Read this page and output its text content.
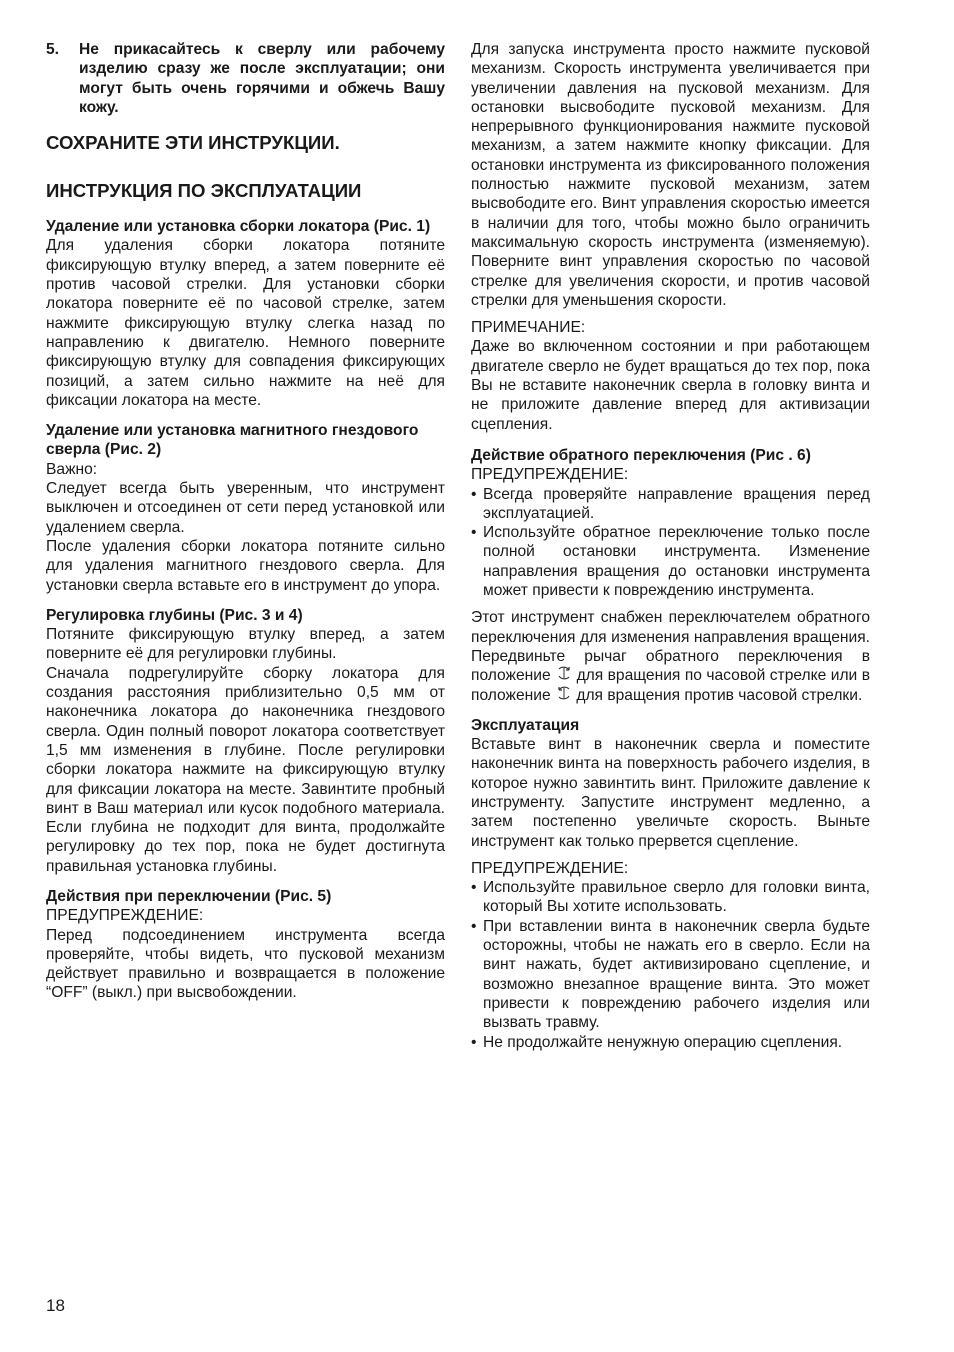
5. Не прикасайтесь к сверлу или рабочему изделию сразу же после эксплуатации; они могут быть очень горячими и обжечь Вашу кожу.
СОХРАНИТЕ ЭТИ ИНСТРУКЦИИ.
ИНСТРУКЦИЯ ПО ЭКСПЛУАТАЦИИ
Удаление или установка сборки локатора (Рис. 1)

Для удаления сборки локатора потяните фиксирующую втулку вперед, а затем поверните её против часовой стрелки. Для установки сборки локатора поверните её по часовой стрелке, затем нажмите фиксирующую втулку слегка назад по направлению к двигателю. Немного поверните фиксирующую втулку для совпадения фиксирующих позиций, а затем сильно нажмите на неё для фиксации локатора на месте.

Удаление или установка магнитного гнездового сверла (Рис. 2)

Важно:

Следует всегда быть уверенным, что инструмент выключен и отсоединен от сети перед установкой или удалением сверла.

После удаления сборки локатора потяните сильно для удаления магнитного гнездового сверла. Для установки сверла вставьте его в инструмент до упора.

Регулировка глубины (Рис. 3 и 4)

Потяните фиксирующую втулку вперед, а затем поверните её для регулировки глубины.

Сначала подрегулируйте сборку локатора для создания расстояния приблизительно 0,5 мм от наконечника локатора до наконечника гнездового сверла. Один полный поворот локатора соответствует 1,5 мм изменения в глубине. После регулировки сборки локатора нажмите на фиксирующую втулку для фиксации локатора на месте. Завинтите пробный винт в Ваш материал или кусок подобного материала. Если глубина не подходит для винта, продолжайте регулировку до тех пор, пока не будет достигнута правильная установка глубины.

Действия при переключении (Рис. 5)

ПРЕДУПРЕЖДЕНИЕ:

Перед подсоединением инструмента всегда проверяйте, чтобы видеть, что пусковой механизм действует правильно и возвращается в положение “OFF” (выкл.) при высвобождении.

Для запуска инструмента просто нажмите пусковой механизм. Скорость инструмента увеличивается при увеличении давления на пусковой механизм. Для остановки высвободите пусковой механизм. Для непрерывного функционирования нажмите пусковой механизм, а затем нажмите кнопку фиксации. Для остановки инструмента из фиксированного положения полностью нажмите пусковой механизм, затем высвободите его. Винт управления скоростью имеется в наличии для того, чтобы можно было ограничить максимальную скорость инструмента (изменяемую). Поверните винт управления скоростью по часовой стрелке для увеличения скорости, и против часовой стрелки для уменьшения скорости.

ПРИМЕЧАНИЕ:

Даже во включенном состоянии и при работающем двигателе сверло не будет вращаться до тех пор, пока Вы не вставите наконечник сверла в головку винта и не приложите давление вперед для активизации сцепления.

Действие обратного переключения (Рис . 6)

ПРЕДУПРЕЖДЕНИЕ:

• Всегда проверяйте направление вращения перед эксплуатацией.
• Используйте обратное переключение только после полной остановки инструмента. Изменение направления вращения до остановки инструмента может привести к повреждению инструмента.

Этот инструмент снабжен переключателем обратного переключения для изменения направления вращения. Передвиньте рычаг обратного переключения в положение для вращения по часовой стрелке или в положение для вращения против часовой стрелки.

Эксплуатация

Вставьте винт в наконечник сверла и поместите наконечник винта на поверхность рабочего изделия, в которое нужно завинтить винт. Приложите давление к инструменту. Запустите инструмент медленно, а затем постепенно увеличьте скорость. Выньте инструмент как только прервется сцепление.

ПРЕДУПРЕЖДЕНИЕ:

• Используйте правильное сверло для головки винта, который Вы хотите использовать.
• При вставлении винта в наконечник сверла будьте осторожны, чтобы не нажать его в сверло. Если на винт нажать, будет активизировано сцепление, и возможно внезапное вращение винта. Это может привести к повреждению рабочего изделия или вызвать травму.
• Не продолжайте ненужную операцию сцепления.
18
